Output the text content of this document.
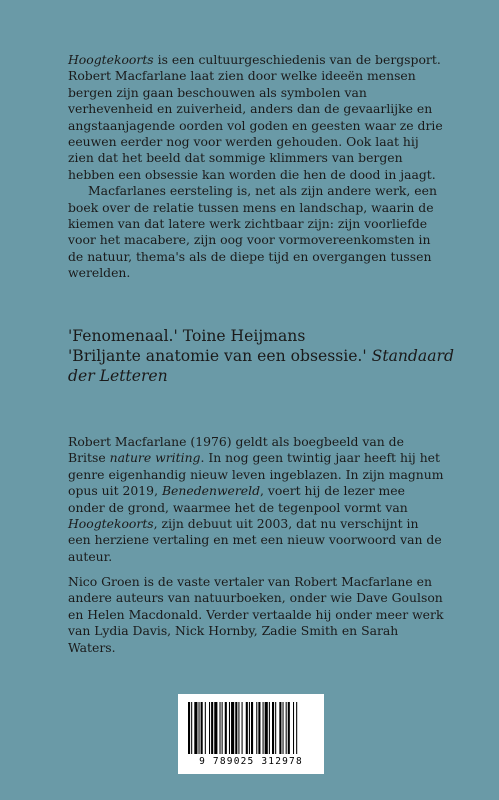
Hoogtekoorts is een cultuurgeschiedenis van de bergsport. Robert Macfarlane laat zien door welke ideeën mensen bergen zijn gaan beschouwen als symbolen van verhevenheid en zuiverheid, anders dan de gevaarlijke en angstaanjagende oorden vol goden en geesten waar ze drie eeuwen eerder nog voor werden gehouden. Ook laat hij zien dat het beeld dat sommige klimmers van bergen hebben een obsessie kan worden die hen de dood in jaagt.

Macfarlanes eersteling is, net als zijn andere werk, een boek over de relatie tussen mens en landschap, waarin de kiemen van dat latere werk zichtbaar zijn: zijn voorliefde voor het macabere, zijn oog voor vormovereenkomsten in de natuur, thema's als de diepe tijd en overgangen tussen werelden.

'Fenomenaal.' Toine Heijmans
'Briljante anatomie van een obsessie.' Standaard der Letteren
Robert Macfarlane (1976) geldt als boegbeeld van de Britse nature writing. In nog geen twintig jaar heeft hij het genre eigenhandig nieuw leven ingeblazen. In zijn magnum opus uit 2019, Benedenwereld, voert hij de lezer mee onder de grond, waarmee het de tegenpool vormt van Hoogtekoorts, zijn debuut uit 2003, dat nu verschijnt in een herziene vertaling en met een nieuw voorwoord van de auteur.
Nico Groen is de vaste vertaler van Robert Macfarlane en andere auteurs van natuurboeken, onder wie Dave Goulson en Helen Macdonald. Verder vertaalde hij onder meer werk van Lydia Davis, Nick Hornby, Zadie Smith en Sarah Waters.
9 789025 312978
